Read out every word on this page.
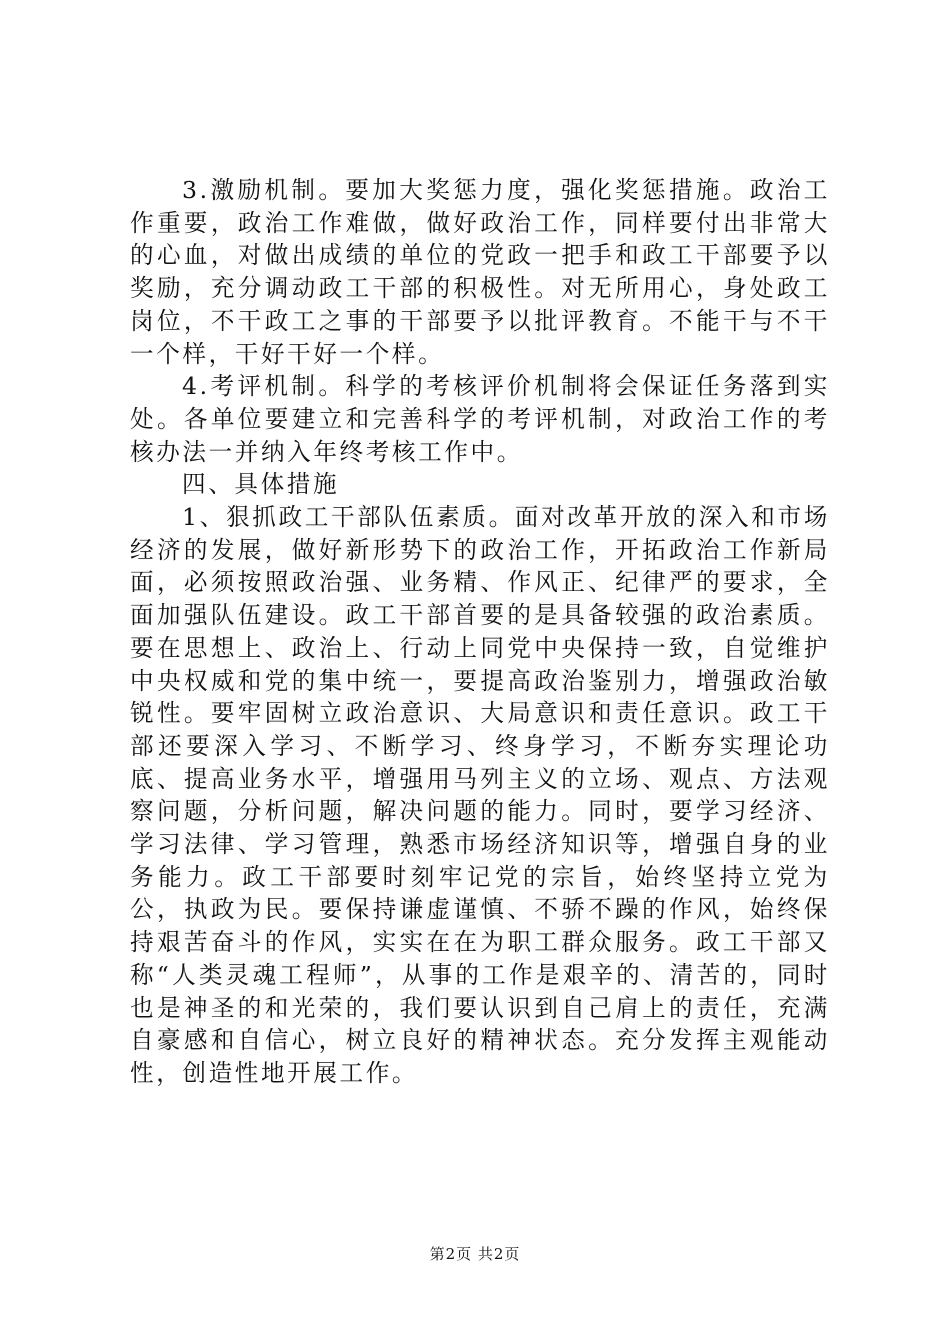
3.激励机制。要加大奖惩力度，强化奖惩措施。政治工作重要，政治工作难做，做好政治工作，同样要付出非常大的心血，对做出成绩的单位的党政一把手和政工干部要予以奖励，充分调动政工干部的积极性。对无所用心，身处政工岗位，不干政工之事的干部要予以批评教育。不能干与不干一个样，干好干好一个样。

4.考评机制。科学的考核评价机制将会保证任务落到实处。各单位要建立和完善科学的考评机制，对政治工作的考核办法一并纳入年终考核工作中。

四、具体措施

1、狠抓政工干部队伍素质。面对改革开放的深入和市场经济的发展，做好新形势下的政治工作，开拓政治工作新局面，必须按照政治强、业务精、作风正、纪律严的要求，全面加强队伍建设。政工干部首要的是具备较强的政治素质。要在思想上、政治上、行动上同党中央保持一致，自觉维护中央权威和党的集中统一，要提高政治鉴别力，增强政治敏锐性。要牢固树立政治意识、大局意识和责任意识。政工干部还要深入学习、不断学习、终身学习，不断夯实理论功底、提高业务水平，增强用马列主义的立场、观点、方法观察问题，分析问题，解决问题的能力。同时，要学习经济、学习法律、学习管理，熟悉市场经济知识等，增强自身的业务能力。政工干部要时刻牢记党的宗旨，始终坚持立党为公，执政为民。要保持谦虚谨慎、不骄不躁的作风，始终保持艰苦奋斗的作风，实实在在为职工群众服务。政工干部又称“人类灵魂工程师”，从事的工作是艰辛的、清苦的，同时也是神圣的和光荣的，我们要认识到自己肩上的责任，充满自豪感和自信心，树立良好的精神状态。充分发挥主观能动性，创造性地开展工作。

第2页 共2页
